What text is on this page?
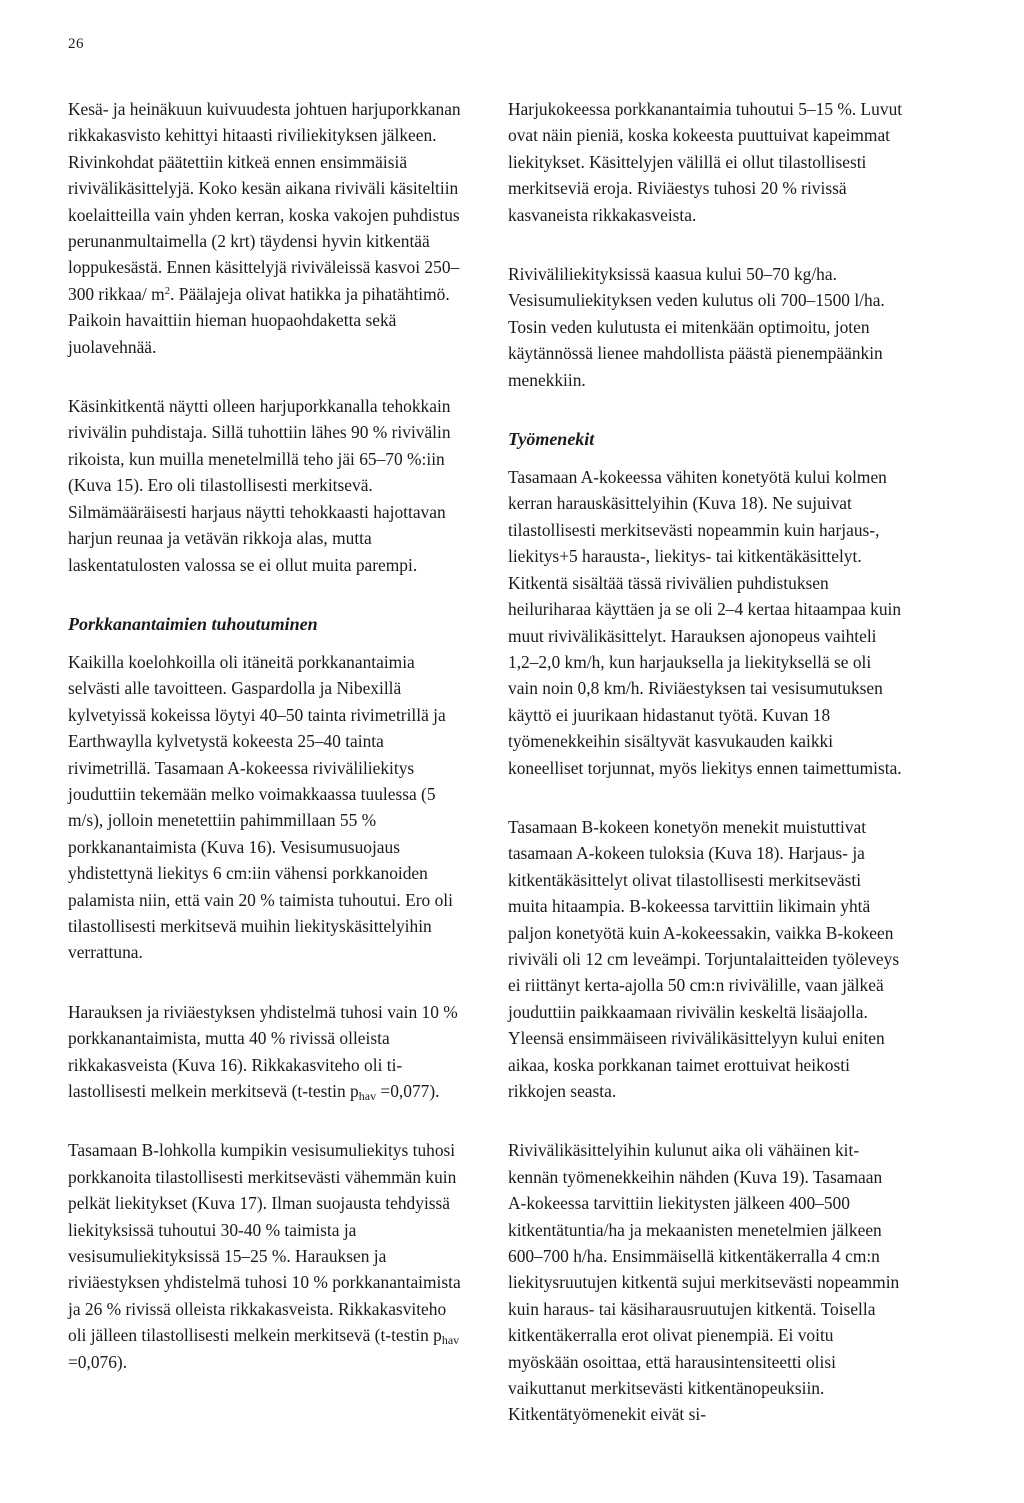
26

Kesä- ja heinäkuun kuivuudesta johtuen harjuporkkanan rikkakasvisto kehittyi hitaasti riviliekityksen jälkeen. Rivinkohdat päätettiin kitkeä ennen ensimmäisiä rivivälikäsittelyjä. Koko kesän aikana riviväli käsiteltiin koelaitteilla vain yhden kerran, koska vakojen puhdistus perunanmultaimella (2 krt) täydensi hyvin kitkentää loppukesästä. Ennen käsittelyjä riviväleissä kasvoi 250–300 rikkaa/ $m^2$. Päälajeja olivat hatikka ja pihatähtimö. Paikoin havaittiin hieman huopaohdaketta sekä juolavehnää.

Käsinkitkentä näytti olleen harjuporkkanalla tehokkain rivivälin puhdistaja. Sillä tuhottiin lähes 90 % rivivälin rikoista, kun muilla menetelmillä teho jäi 65–70 %:iin (Kuva 15). Ero oli tilastollisesti merkitsevä. Silmämääräisesti harjaus näytti tehokkaasti hajottavan harjun reunaa ja vetävän rikkoja alas, mutta laskentatulosten valossa se ei ollut muita parempi.

Porkkanantaimien tuhoutuminen

Kaikilla koelohkoilla oli itäneitä porkkanantaimia selvästi alle tavoitteen. Gaspardolla ja Nibexillä kylvetyissä kokeissa löytyi 40–50 tainta rivimetrillä ja Earthwaylla kylvetystä kokeesta 25–40 tainta rivimetrillä. Tasamaan A-kokeessa riviväliliekitys jouduttiin tekemään melko voimakkaassa tuulessa (5 m/s), jolloin menetettiin pahimmillaan 55 % porkkanantaimista (Kuva 16). Vesisumusuojaus yhdistettynä liekitys 6 cm:iin vähensi porkkanoiden palamista niin, että vain 20 % taimista tuhoutui. Ero oli tilastollisesti merkitsevä muihin liekityskäsittelyihin verrattuna.

Harauksen ja riviäestyksen yhdistelmä tuhosi vain 10 % porkkanantaimista, mutta 40 % rivissä olleista rikkakasveista (Kuva 16). Rikkakasviteho oli tilastollisesti melkein merkitsevä (t-testin $p_{hav} =0,077$).

Tasamaan B-lohkolla kumpikin vesisumuliekitys tuhosi porkkanoita tilastollisesti merkitsevästi vähemmän kuin pelkät liekitykset (Kuva 17). Ilman suojausta tehdyissä liekityksissä tuhoutui 30-40 % taimista ja vesisumuliekityksissä 15–25 %. Harauksen ja riviäestyksen yhdistelmä tuhosi 10 % porkkanantaimista ja 26 % rivissä olleista rikkakasveista. Rikkakasviteho oli jälleen tilastollisesti melkein merkitsevä (t-testin $p_{hav} =0,076$).

Harjukokeessa porkkanantaimia tuhoutui 5–15 %. Luvut ovat näin pieniä, koska kokeesta puuttuivat kapeimmat liekitykset. Käsittelyjen välillä ei ollut tilastollisesti merkitseviä eroja. Riviäestys tuhosi 20 % rivissä kasvaneista rikkakasveista.

Riviväliliekityksissä kaasua kului 50–70 kg/ha. Vesisumuliekityksen veden kulutus oli 700–1500 l/ha. Tosin veden kulutusta ei mitenkään optimoitu, joten käytännössä lienee mahdollista päästä pienempäänkin menekkiin.

Työmenekit

Tasamaan A-kokeessa vähiten konetyötä kului kolmen kerran harauskäsittelyihin (Kuva 18). Ne sujuivat tilastollisesti merkitsevästi nopeammin kuin harjaus-, liekitys+5 harausta-, liekitys- tai kitkentäkäsittelyt. Kitkentä sisältää tässä rivivälien puhdistuksen heiluriharaa käyttäen ja se oli 2–4 kertaa hitaampaa kuin muut rivivälikäsittelyt. Harauksen ajonopeus vaihteli 1,2–2,0 km/h, kun harjauksella ja liekityksellä se oli vain noin 0,8 km/h. Riviäestyksen tai vesisumutuksen käyttö ei juurikaan hidastanut työtä. Kuvan 18 työmenekkeihin sisältyvät kasvukauden kaikki koneelliset torjunnat, myös liekitys ennen taimettumista.

Tasamaan B-kokeen konetyön menekit muistuttivat tasamaan A-kokeen tuloksia (Kuva 18). Harjaus- ja kitkentäkäsittelyt olivat tilastollisesti merkitsevästi muita hitaampia. B-kokeessa tarvittiin likimain yhtä paljon konetyötä kuin A-kokeessakin, vaikka B-kokeen riviväli oli 12 cm leveämpi. Torjuntalaitteiden työleveys ei riittänyt kerta-ajolla 50 cm:n rivivälille, vaan jälkeä jouduttiin paikkaamaan rivivälin keskeltä lisäajolla. Yleensä ensimmäiseen rivivälikäsittelyyn kului eniten aikaa, koska porkkanan taimet erottuivat heikosti rikkojen seasta.

Rivivälikäsittelyihin kulunut aika oli vähäinen kitkennän työmenekkeihin nähden (Kuva 19). Tasamaan A-kokeessa tarvittiin liekitysten jälkeen 400–500 kitkentätuntia/ha ja mekaanisten menetelmien jälkeen 600–700 h/ha. Ensimmäisellä kitkentäkerralla 4 cm:n liekitysruutujen kitkentä sujui merkitsevästi nopeammin kuin haraus- tai käsiharausruutujen kitkentä. Toisella kitkentäkerralla erot olivat pienempiä. Ei voitu myöskään osoittaa, että harausintensiteetti olisi vaikuttanut merkitsevästi kitkentänopeuksiin. Kitkentätyömenekit eivät si-
